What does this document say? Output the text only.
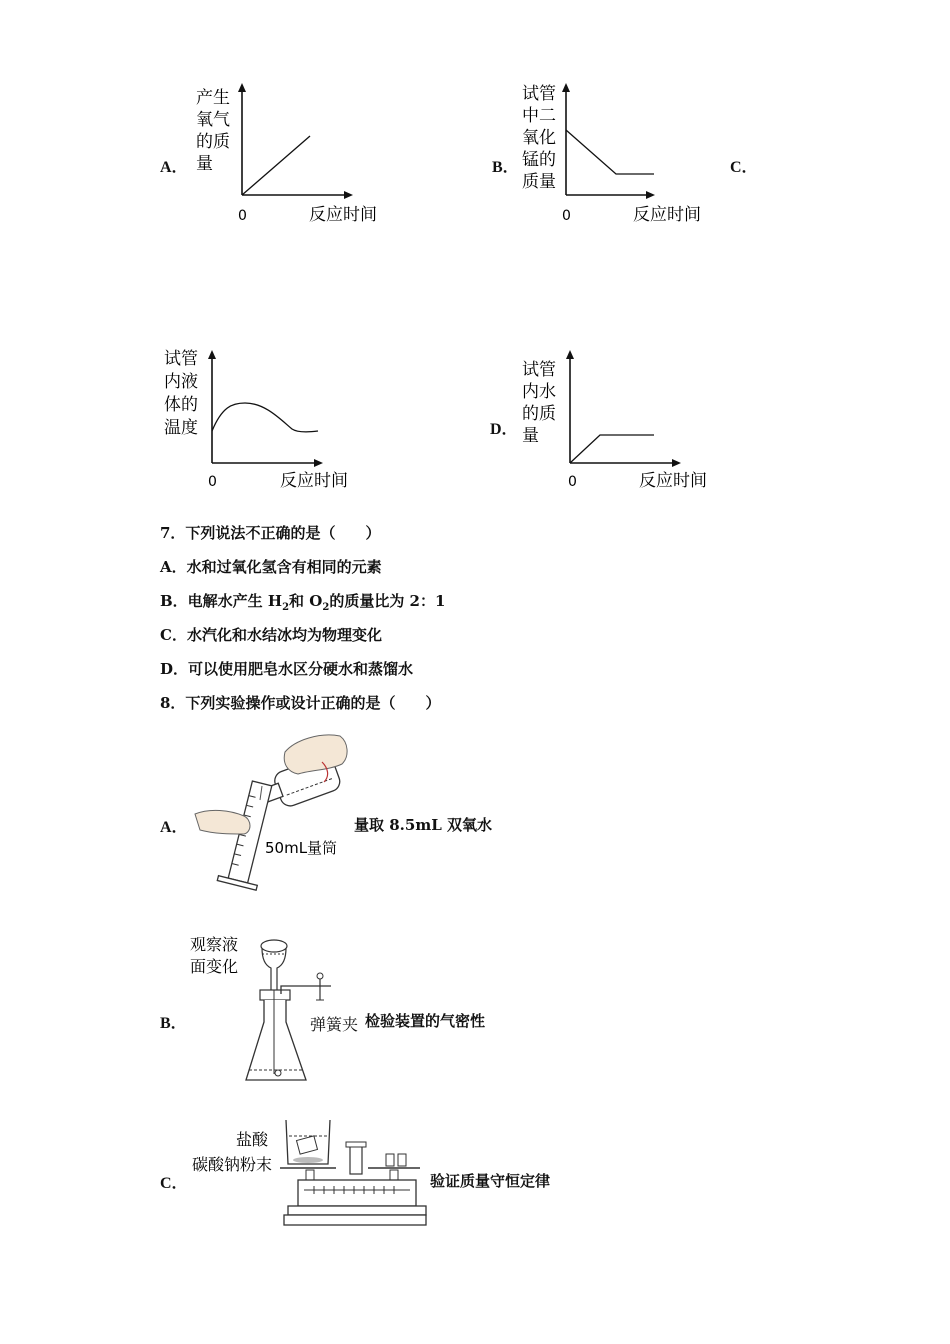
A．
产生
氧气
的质
量
0	反应时间
B．
试管
中二
氧化
锰的
质量
0	反应时间
C．
试管
内液
体的
温度
0	反应时间
D．
试管
内水
的质
量
0	反应时间
7．下列说法不正确的是（　　）
A．水和过氧化氢含有相同的元素
B．电解水产生 $H_2$和 $O_2$的质量比为 2：1
C．水汽化和水结冰均为物理变化
D．可以使用肥皂水区分硬水和蒸馏水
8．下列实验操作或设计正确的是（　　）
A．
50mL量筒
量取 8.5mL 双氧水
B．
观察液
面变化
弹簧夹 检验装置的气密性
C．
盐酸
碳酸钠粉末
验证质量守恒定律
